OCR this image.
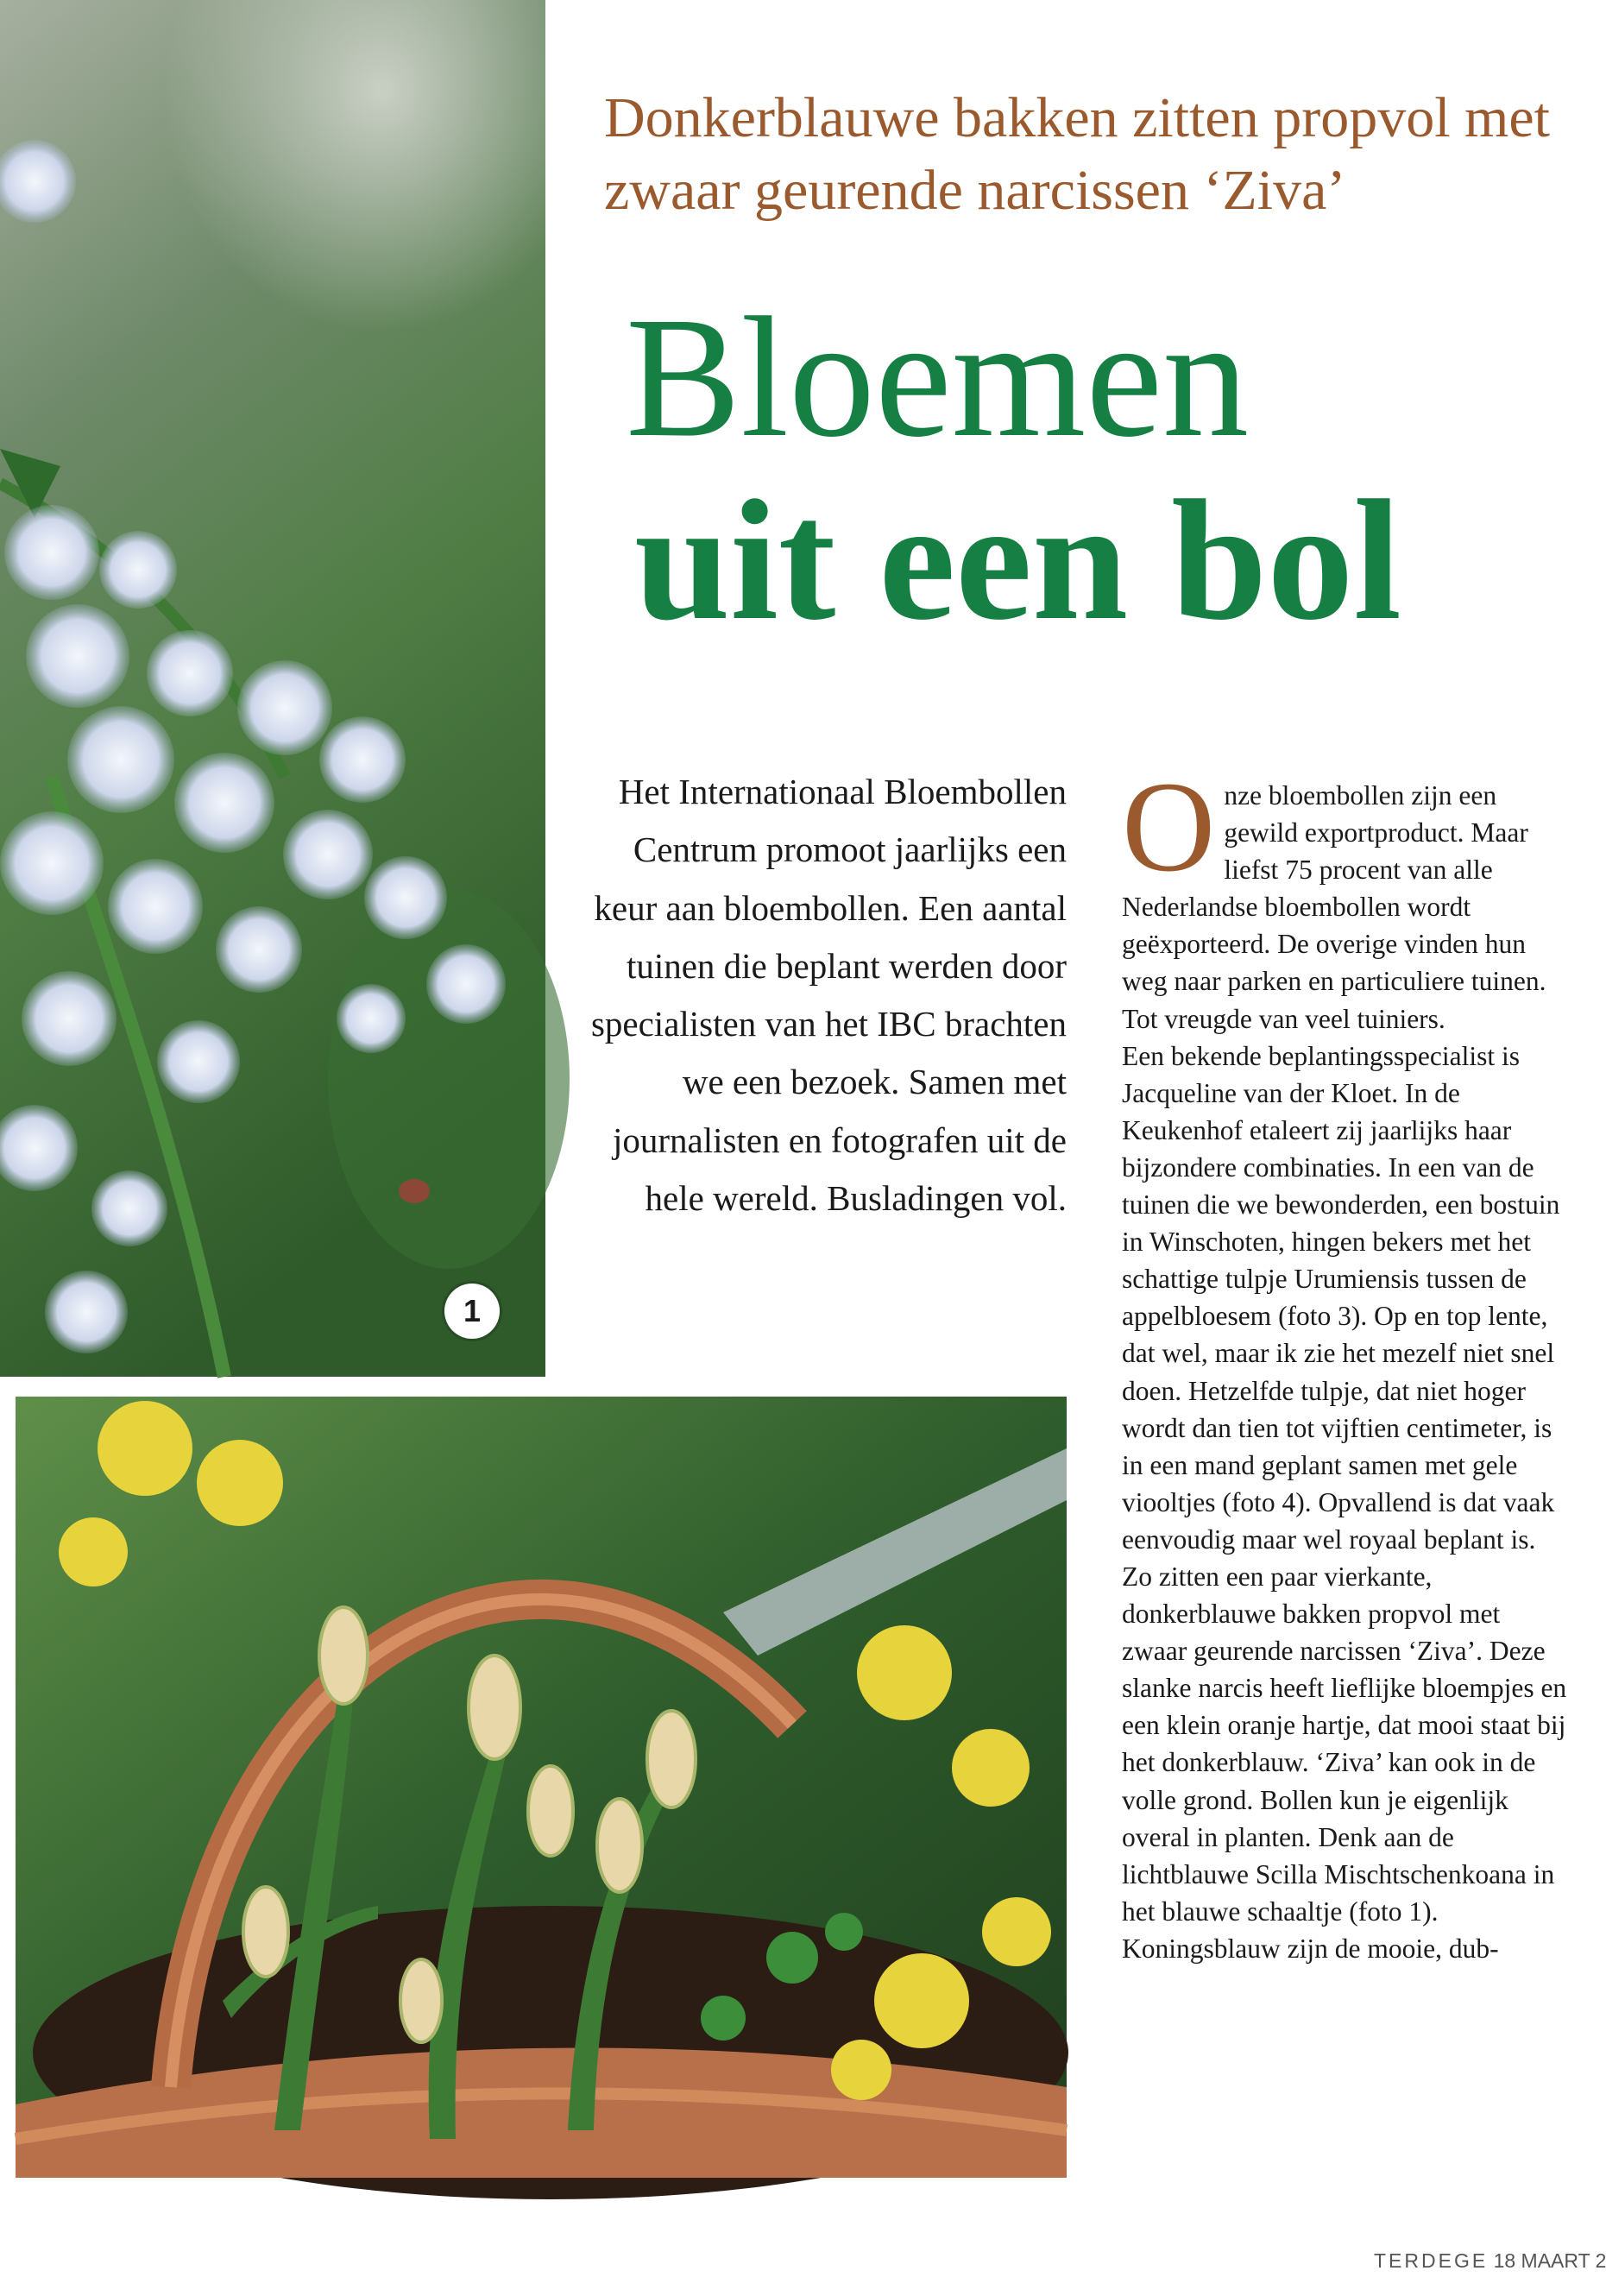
1
Donkerblauwe bakken zitten propvol met zwaar geurende narcissen ‘Ziva’
Bloemen
uit een bol
Het Internationaal Bloembollen Centrum promoot jaarlijks een keur aan bloembollen. Een aantal tuinen die beplant werden door specialisten van het IBC brachten we een bezoek. Samen met journalisten en fotografen uit de hele wereld. Busladingen vol.
O nze bloembollen zijn een gewild exportproduct. Maar liefst 75 procent van alle Nederlandse bloembollen wordt geëxporteerd. De overige vinden hun weg naar parken en particuliere tuinen. Tot vreugde van veel tuiniers.

Een bekende beplantingsspecialist is Jacqueline van der Kloet. In de Keukenhof etaleert zij jaarlijks haar bijzondere combinaties. In een van de tuinen die we bewonderden, een bostuin in Winschoten, hingen bekers met het schattige tulpje Urumiensis tussen de appelbloesem (foto 3). Op en top lente, dat wel, maar ik zie het mezelf niet snel doen. Hetzelfde tulpje, dat niet hoger wordt dan tien tot vijftien centimeter, is in een mand geplant samen met gele viooltjes (foto 4). Opvallend is dat vaak eenvoudig maar wel royaal beplant is. Zo zitten een paar vierkante, donkerblauwe bakken propvol met zwaar geurende narcissen ‘Ziva’. Deze slanke narcis heeft lieflijke bloempjes en een klein oranje hartje, dat mooi staat bij het donkerblauw. ‘Ziva’ kan ook in de volle grond. Bollen kun je eigenlijk overal in planten. Denk aan de lichtblauwe Scilla Mischtschenkoana in het blauwe schaaltje (foto 1). Koningsblauw zijn de mooie, dub-

TERDEGE 18 MAART 2
